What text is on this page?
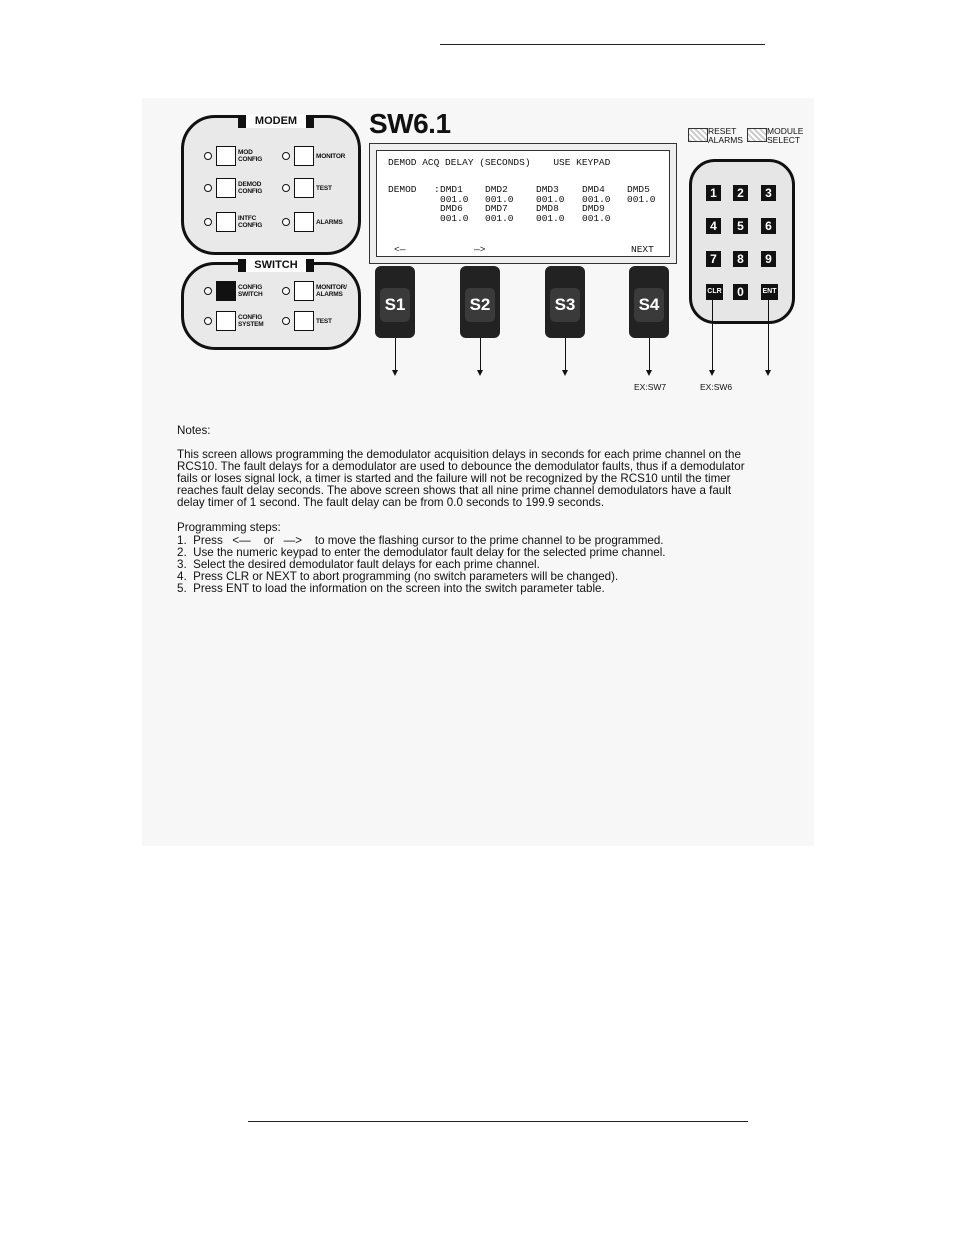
MODEM
MOD
CONFIG	MONITOR
DEMOD
CONFIG	TEST
INTFC
CONFIG	ALARMS
SWITCH
CONFIG
SWITCH
MONITOR/
ALARMS
CONFIG
SYSTEM	TEST
SW6.1
DEMOD ACQ DELAY (SECONDS)    USE KEYPAD
DEMOD : DMD1 DMD2	DMD3 DMD4 DMD5
001.0 001.0 001.0 001.0 001.0
DMD6 DMD7	DMD8 DMD9
001.0 001.0 001.0 001.0
<—	—>	NEXT
S1	S2	S3	S4
EX:SW7
RESET
ALARMS
MODULE
SELECT
1	2	3
4	5	6
7	8	9
CLR	0	ENT
EX:SW6
Notes:
This screen allows programming the demodulator acquisition delays in seconds for each prime channel on the
RCS10. The fault delays for a demodulator are used to debounce the demodulator faults, thus if a demodulator
fails or loses signal lock, a timer is started and the failure will not be recognized by the RCS10 until the timer
reaches fault delay seconds. The above screen shows that all nine prime channel demodulators have a fault
delay timer of 1 second. The fault delay can be from 0.0 seconds to 199.9 seconds.
Programming steps:
1.  Press   <—    or   —>    to move the flashing cursor to the prime channel to be programmed.
2.  Use the numeric keypad to enter the demodulator fault delay for the selected prime channel.
3.  Select the desired demodulator fault delays for each prime channel.
4.  Press CLR or NEXT to abort programming (no switch parameters will be changed).
5.  Press ENT to load the information on the screen into the switch parameter table.
